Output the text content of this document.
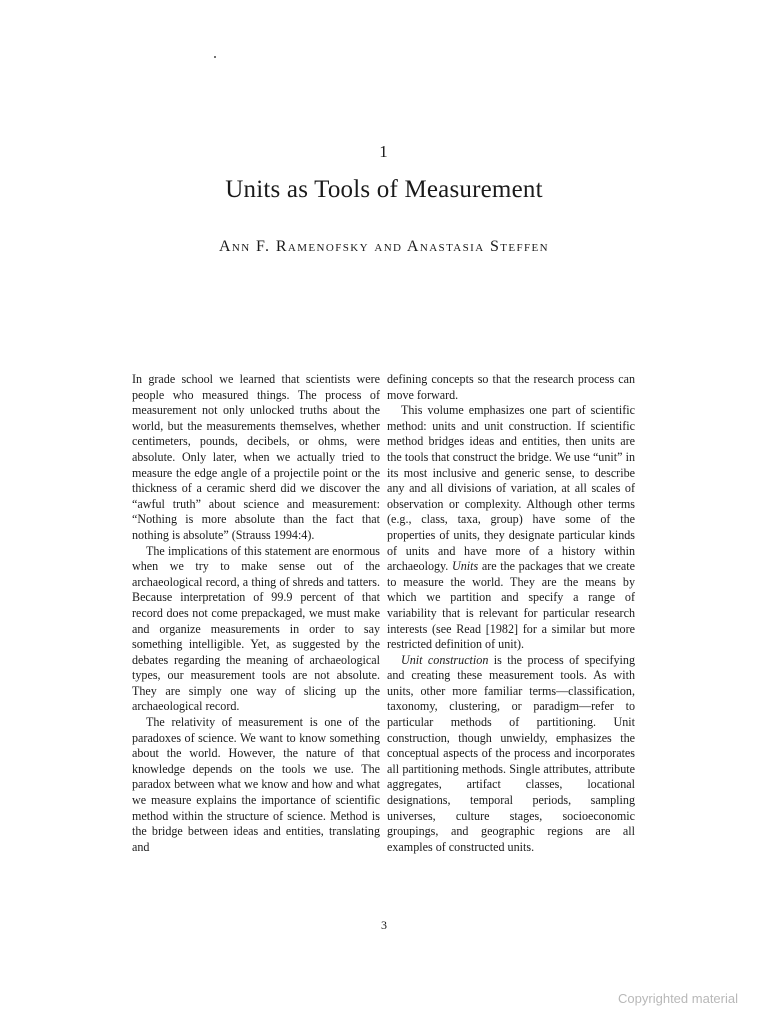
1
Units as Tools of Measurement
Ann F. Ramenofsky and Anastasia Steffen

In grade school we learned that scientists were people who measured things. The process of measurement not only unlocked truths about the world, but the measurements themselves, whether centimeters, pounds, decibels, or ohms, were absolute. Only later, when we actually tried to measure the edge angle of a projectile point or the thickness of a ceramic sherd did we discover the “awful truth” about science and measurement: “Nothing is more absolute than the fact that nothing is absolute” (Strauss 1994:4).

The implications of this statement are enormous when we try to make sense out of the archaeological record, a thing of shreds and tatters. Because interpretation of 99.9 percent of that record does not come prepackaged, we must make and organize measurements in order to say something intelligible. Yet, as suggested by the debates regarding the meaning of archaeological types, our measurement tools are not absolute. They are simply one way of slicing up the archaeological record.

The relativity of measurement is one of the paradoxes of science. We want to know something about the world. However, the nature of that knowledge depends on the tools we use. The paradox between what we know and how and what we measure explains the importance of scientific method within the structure of science. Method is the bridge between ideas and entities, translating and

defining concepts so that the research process can move forward.

This volume emphasizes one part of scientific method: units and unit construction. If scientific method bridges ideas and entities, then units are the tools that construct the bridge. We use “unit” in its most inclusive and generic sense, to describe any and all divisions of variation, at all scales of observation or complexity. Although other terms (e.g., class, taxa, group) have some of the properties of units, they designate particular kinds of units and have more of a history within archaeology. Units are the packages that we create to measure the world. They are the means by which we partition and specify a range of variability that is relevant for particular research interests (see Read [1982] for a similar but more restricted definition of unit).

Unit construction is the process of specifying and creating these measurement tools. As with units, other more familiar terms—classification, taxonomy, clustering, or paradigm—refer to particular methods of partitioning. Unit construction, though unwieldy, emphasizes the conceptual aspects of the process and incorporates all partitioning methods. Single attributes, attribute aggregates, artifact classes, locational designations, temporal periods, sampling universes, culture stages, socioeconomic groupings, and geographic regions are all examples of constructed units.

3
Copyrighted material
